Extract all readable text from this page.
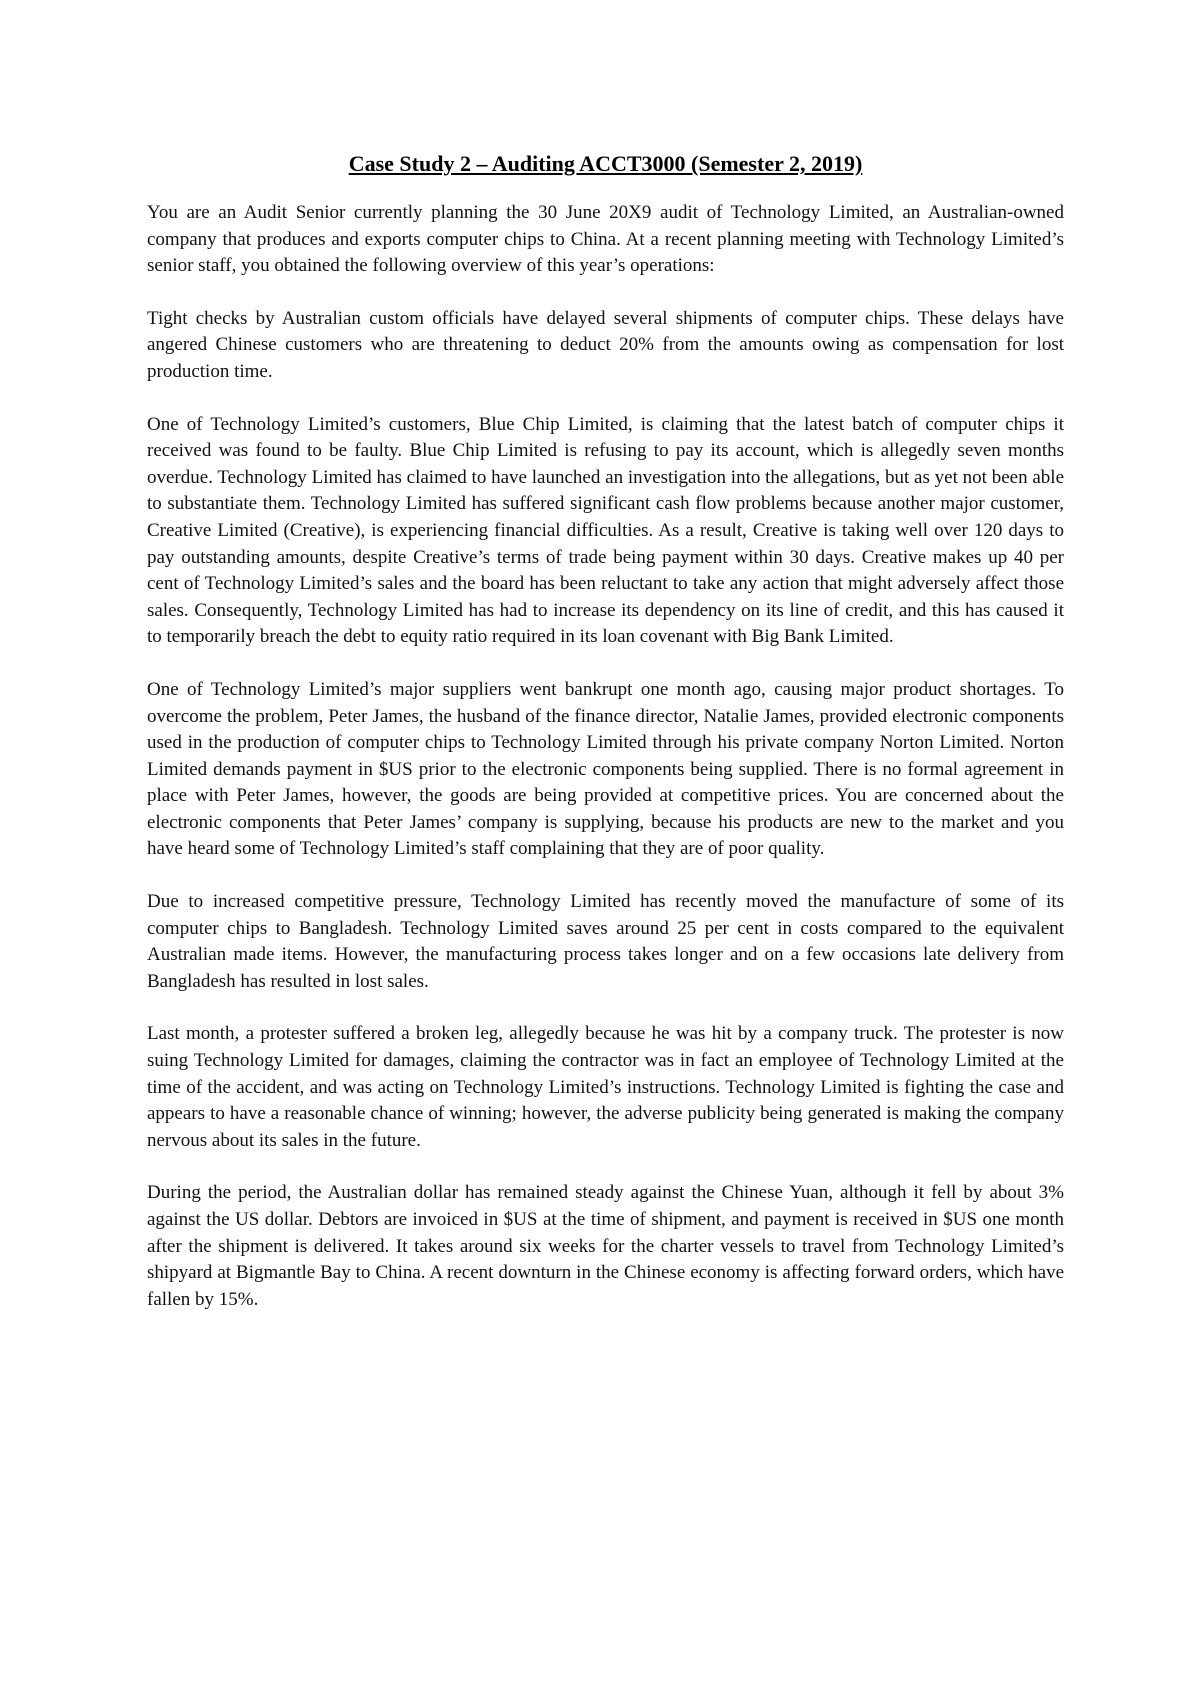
Case Study 2 – Auditing ACCT3000 (Semester 2, 2019)

You are an Audit Senior currently planning the 30 June 20X9 audit of Technology Limited, an Australian-owned company that produces and exports computer chips to China. At a recent planning meeting with Technology Limited’s senior staff, you obtained the following overview of this year’s operations:

Tight checks by Australian custom officials have delayed several shipments of computer chips. These delays have angered Chinese customers who are threatening to deduct 20% from the amounts owing as compensation for lost production time.

One of Technology Limited’s customers, Blue Chip Limited, is claiming that the latest batch of computer chips it received was found to be faulty. Blue Chip Limited is refusing to pay its account, which is allegedly seven months overdue. Technology Limited has claimed to have launched an investigation into the allegations, but as yet not been able to substantiate them. Technology Limited has suffered significant cash flow problems because another major customer, Creative Limited (Creative), is experiencing financial difficulties. As a result, Creative is taking well over 120 days to pay outstanding amounts, despite Creative’s terms of trade being payment within 30 days. Creative makes up 40 per cent of Technology Limited’s sales and the board has been reluctant to take any action that might adversely affect those sales. Consequently, Technology Limited has had to increase its dependency on its line of credit, and this has caused it to temporarily breach the debt to equity ratio required in its loan covenant with Big Bank Limited.

One of Technology Limited’s major suppliers went bankrupt one month ago, causing major product shortages. To overcome the problem, Peter James, the husband of the finance director, Natalie James, provided electronic components used in the production of computer chips to Technology Limited through his private company Norton Limited. Norton Limited demands payment in $US prior to the electronic components being supplied. There is no formal agreement in place with Peter James, however, the goods are being provided at competitive prices. You are concerned about the electronic components that Peter James’ company is supplying, because his products are new to the market and you have heard some of Technology Limited’s staff complaining that they are of poor quality.

Due to increased competitive pressure, Technology Limited has recently moved the manufacture of some of its computer chips to Bangladesh. Technology Limited saves around 25 per cent in costs compared to the equivalent Australian made items. However, the manufacturing process takes longer and on a few occasions late delivery from Bangladesh has resulted in lost sales.

Last month, a protester suffered a broken leg, allegedly because he was hit by a company truck. The protester is now suing Technology Limited for damages, claiming the contractor was in fact an employee of Technology Limited at the time of the accident, and was acting on Technology Limited’s instructions. Technology Limited is fighting the case and appears to have a reasonable chance of winning; however, the adverse publicity being generated is making the company nervous about its sales in the future.

During the period, the Australian dollar has remained steady against the Chinese Yuan, although it fell by about 3% against the US dollar. Debtors are invoiced in $US at the time of shipment, and payment is received in $US one month after the shipment is delivered. It takes around six weeks for the charter vessels to travel from Technology Limited’s shipyard at Bigmantle Bay to China. A recent downturn in the Chinese economy is affecting forward orders, which have fallen by 15%.
